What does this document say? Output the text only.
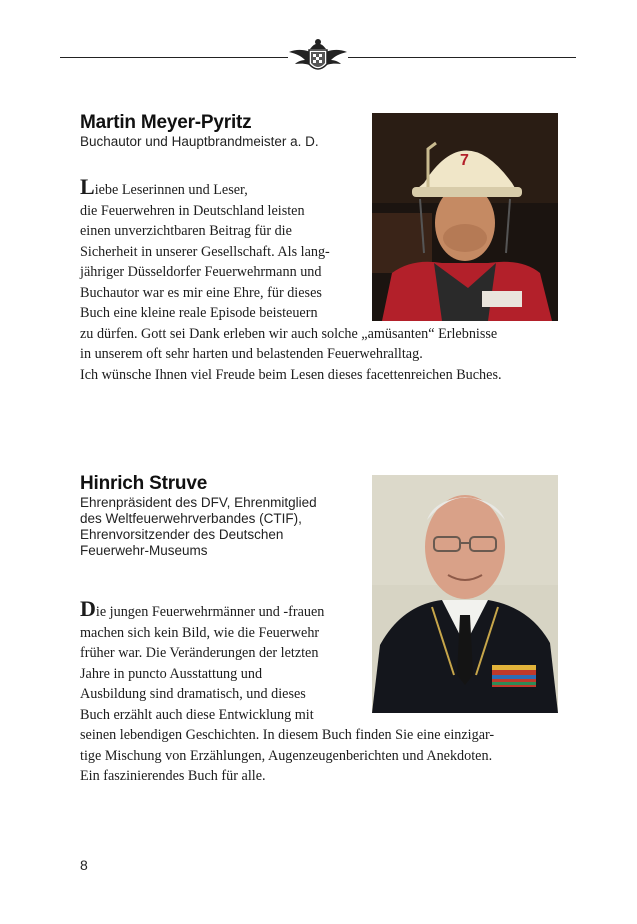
Martin Meyer-Pyritz

Buchautor und Hauptbrandmeister a. D.

7

Liebe Leserinnen und Leser,

die Feuerwehren in Deutschland leisten

einen unverzichtbaren Beitrag für die

Sicherheit in unserer Gesellschaft. Als lang-

jähriger Düsseldorfer Feuerwehrmann und

Buchautor war es mir eine Ehre, für dieses

Buch eine kleine reale Episode beisteuern

zu dürfen. Gott sei Dank erleben wir auch solche „amüsanten“ Erlebnisse

in unserem oft sehr harten und belastenden Feuerwehralltag.

Ich wünsche Ihnen viel Freude beim Lesen dieses facettenreichen Buches.

Hinrich Struve

Ehrenpräsident des DFV, Ehrenmitglied

des Weltfeuerwehrverbandes (CTIF),

Ehrenvorsitzender des Deutschen

Feuerwehr-Museums

Die jungen Feuerwehrmänner und -frauen

machen sich kein Bild, wie die Feuerwehr

früher war. Die Veränderungen der letzten

Jahre in puncto Ausstattung und

Ausbildung sind dramatisch, und dieses

Buch erzählt auch diese Entwicklung mit

seinen lebendigen Geschichten. In diesem Buch finden Sie eine einzigar-

tige Mischung von Erzählungen, Augenzeugenberichten und Anekdoten.

Ein faszinierendes Buch für alle.

8
